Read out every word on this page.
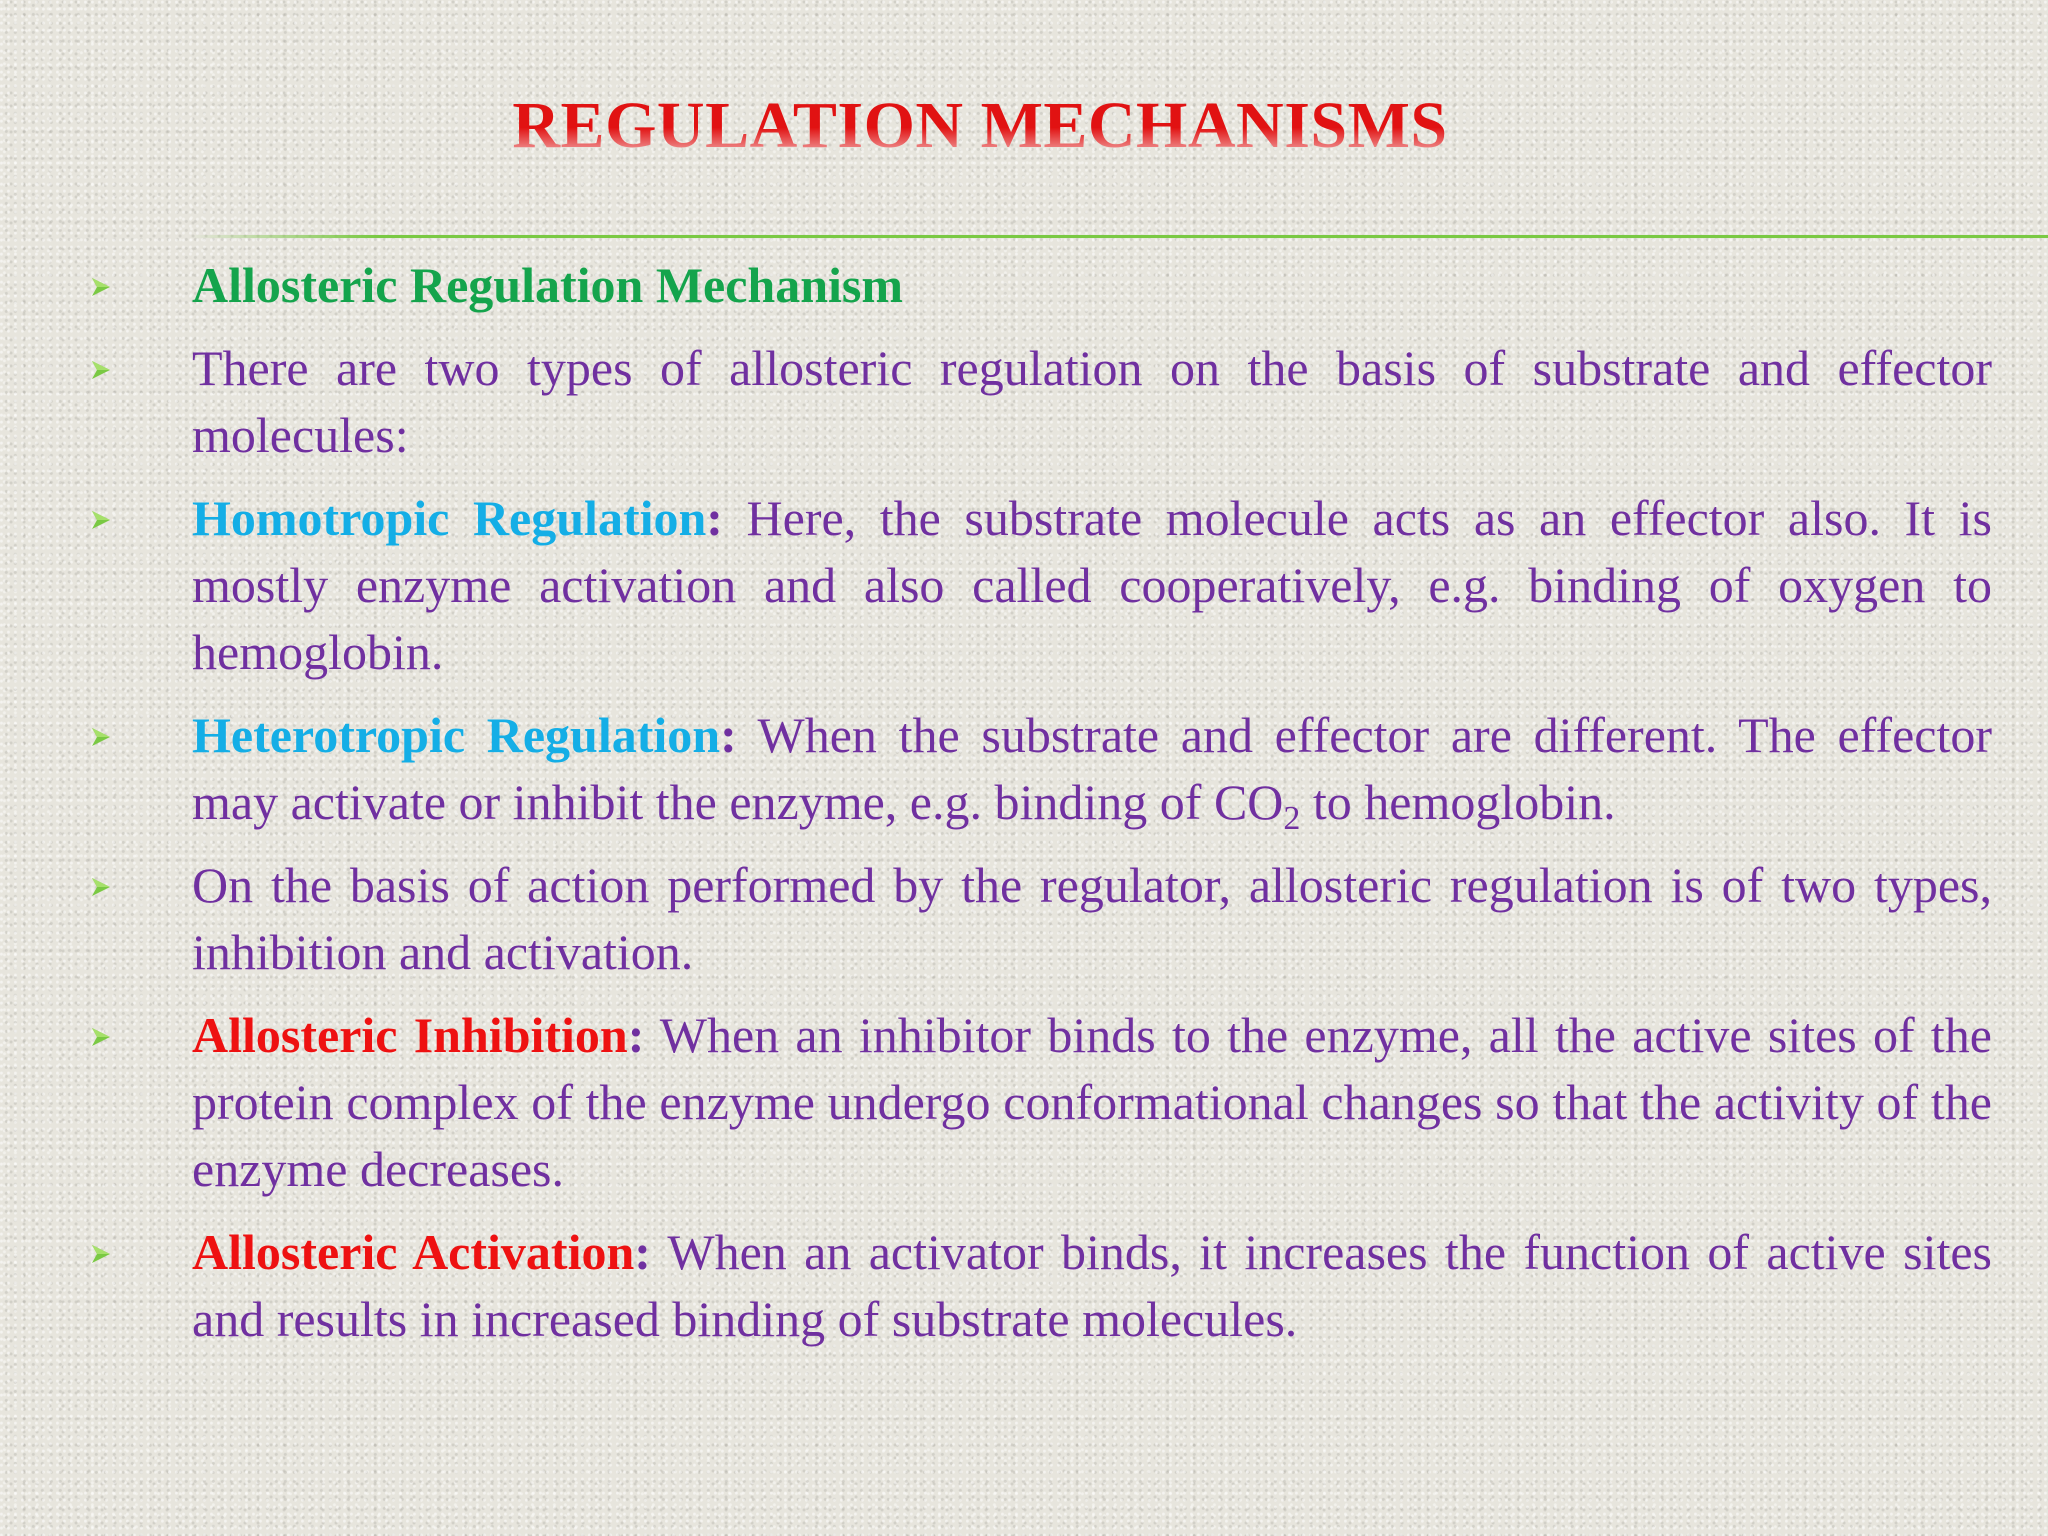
REGULATION MECHANISMS
Allosteric Regulation Mechanism
There are two types of allosteric regulation on the basis of substrate and effector molecules:
Homotropic Regulation: Here, the substrate molecule acts as an effector also. It is mostly enzyme activation and also called cooperatively, e.g. binding of oxygen to hemoglobin.
Heterotropic Regulation: When the substrate and effector are different. The effector may activate or inhibit the enzyme, e.g. binding of $CO_2$ to hemoglobin.
On the basis of action performed by the regulator, allosteric regulation is of two types, inhibition and activation.
Allosteric Inhibition: When an inhibitor binds to the enzyme, all the active sites of the protein complex of the enzyme undergo conformational changes so that the activity of the enzyme decreases.
Allosteric Activation: When an activator binds, it increases the function of active sites and results in increased binding of substrate molecules.
